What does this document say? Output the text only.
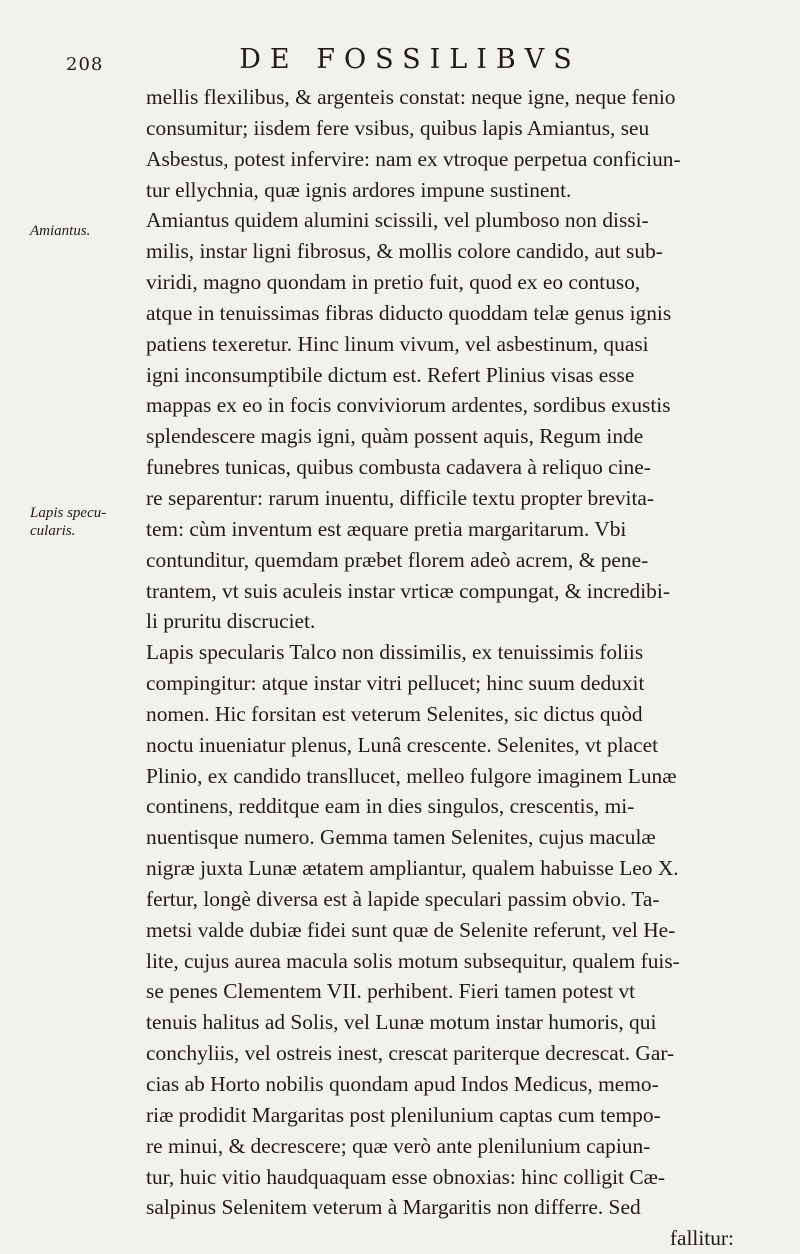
208	DE FOSSILIBVS
Amiantus.
Lapis specu-
cularis.
mellis flexilibus, & argenteis constat: neque igne, neque fenio
consumitur; iisdem fere vsibus, quibus lapis Amiantus, seu
Asbestus, potest infervire: nam ex vtroque perpetua conficiun-
tur ellychnia, quæ ignis ardores impune sustinent.
Amiantus quidem alumini scissili, vel plumboso non dissi-
milis, instar ligni fibrosus, & mollis colore candido, aut sub-
viridi, magno quondam in pretio fuit, quod ex eo contuso,
atque in tenuissimas fibras diducto quoddam telæ genus ignis
patiens texeretur. Hinc linum vivum, vel asbestinum, quasi
igni inconsumptibile dictum est. Refert Plinius visas esse
mappas ex eo in focis conviviorum ardentes, sordibus exustis
splendescere magis igni, quàm possent aquis, Regum inde
funebres tunicas, quibus combusta cadavera à reliquo cine-
re separentur: rarum inuentu, difficile textu propter brevita-
tem: cùm inventum est æquare pretia margaritarum. Vbi
contunditur, quemdam præbet florem adeò acrem, & pene-
trantem, vt suis aculeis instar vrticæ compungat, & incredibi-
li pruritu discruciet.
Lapis specularis Talco non dissimilis, ex tenuissimis foliis
compingitur: atque instar vitri pellucet; hinc suum deduxit
nomen. Hic forsitan est veterum Selenites, sic dictus quòd
noctu inueniatur plenus, Lunâ crescente. Selenites, vt placet
Plinio, ex candido transllucet, melleo fulgore imaginem Lunæ
continens, redditque eam in dies singulos, crescentis, mi-
nuentisque numero. Gemma tamen Selenites, cujus maculæ
nigræ juxta Lunæ ætatem ampliantur, qualem habuisse Leo X.
fertur, longè diversa est à lapide speculari passim obvio. Ta-
metsi valde dubiæ fidei sunt quæ de Selenite referunt, vel He-
lite, cujus aurea macula solis motum subsequitur, qualem fuis-
se penes Clementem VII. perhibent. Fieri tamen potest vt
tenuis halitus ad Solis, vel Lunæ motum instar humoris, qui
conchyliis, vel ostreis inest, crescat pariterque decrescat. Gar-
cias ab Horto nobilis quondam apud Indos Medicus, memo-
riæ prodidit Margaritas post plenilunium captas cum tempo-
re minui, & decrescere; quæ verò ante plenilunium capiun-
tur, huic vitio haudquaquam esse obnoxias: hinc colligit Cæ-
salpinus Selenitem veterum à Margaritis non differre. Sed
fallitur:
